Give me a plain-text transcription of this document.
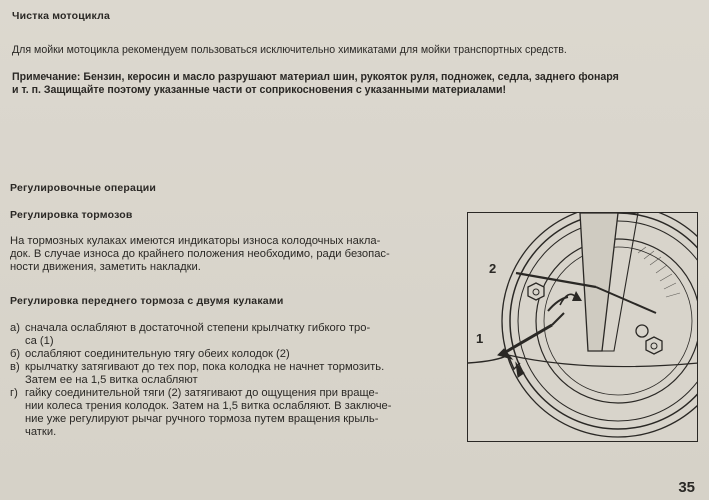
Чистка мотоцикла

Для мойки мотоцикла рекомендуем пользоваться исключительно химикатами для мойки транспортных средств.

Примечание: Бензин, керосин и масло разрушают материал шин, рукояток руля, подножек, седла, заднего фонаря

и т. п. Защищайте поэтому указанные части от соприкосновения с указанными материалами!

Регулировочные операции

Регулировка тормозов

На тормозных кулаках имеются индикаторы износа колодочных накла-

док. В случае износа до крайнего положения необходимо, ради безопас-

ности движения, заметить накладки.

Регулировка переднего тормоза с двумя кулаками

а) сначала ослабляют в достаточной степени крылчатку гибкого тро-
са (1)
б) ослабляют соединительную тягу обеих колодок (2)
в) крылчатку затягивают до тех пор, пока колодка не начнет тормозить.
Затем ее на 1,5 витка ослабляют
г) гайку соединительной тяги (2) затягивают до ощущения при враще-
нии колеса трения колодок. Затем на 1,5 витка ослабляют. В заключе-
ние уже регулируют рычаг ручного тормоза путем вращения крыль-
чатки.
2
1
35
